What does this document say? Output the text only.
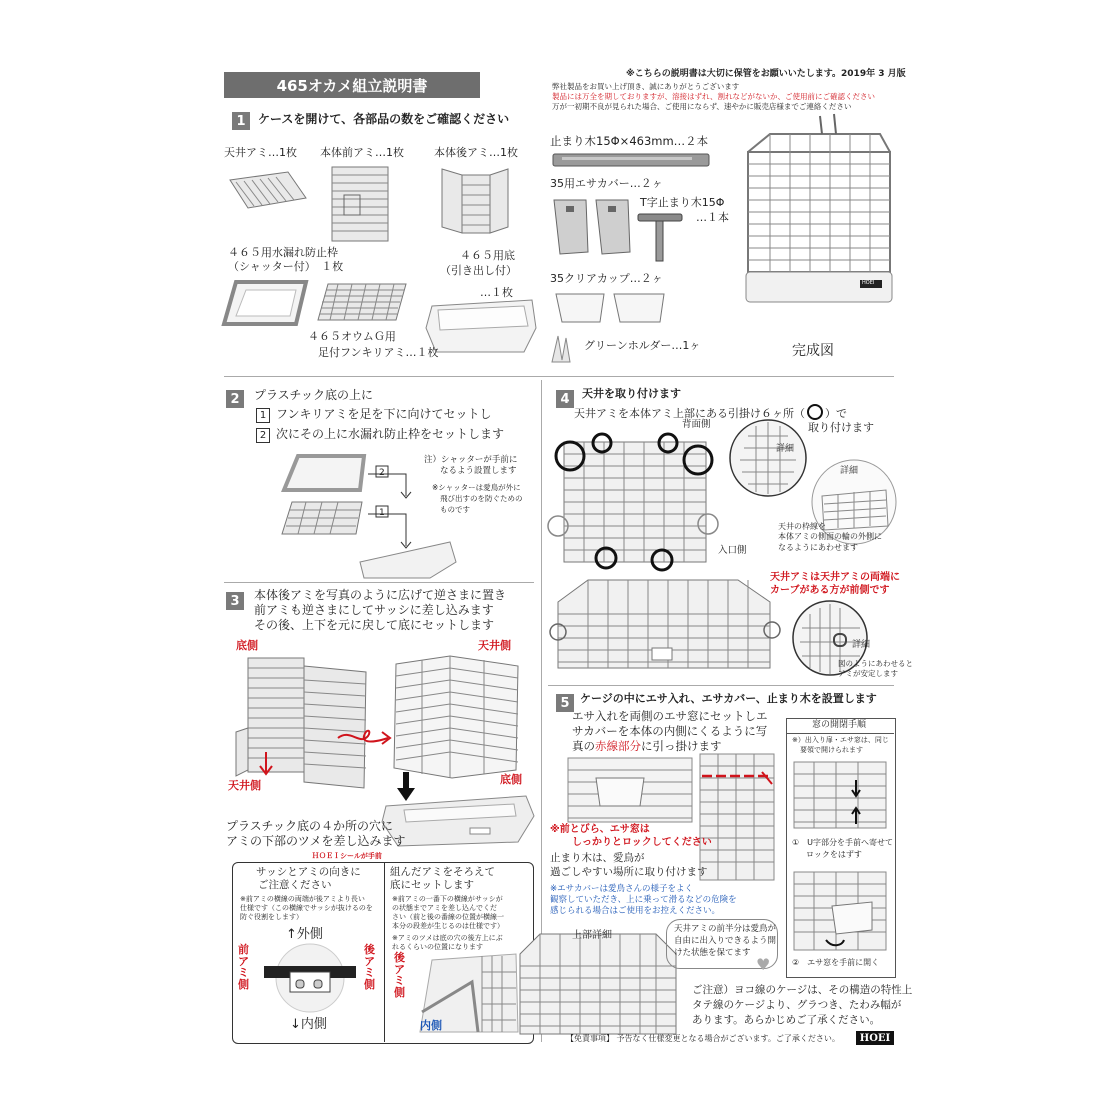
465オカメ組立説明書
※こちらの説明書は大切に保管をお願いいたします。2019年 3 月版
弊社製品をお買い上げ頂き、誠にありがとうございます
製品には万全を期しておりますが、溶接はずれ、割れなどがないか、ご使用前にご確認ください
万が一初期不良が見られた場合、ご使用にならず、速やかに販売店様までご連絡ください
1	ケースを開けて、各部品の数をご確認ください
天井アミ…1枚 本体前アミ…1枚	本体後アミ…1枚
４６５用水漏れ防止枠
（シャッター付）　１枚
４６５用底
（引き出し付）
…１枚
４６５オウムＧ用
足付フンキリアミ…１枚
止まり木15Φ×463mm…２本
35用エサカバー…２ヶ
T字止まり木15Φ
…１本
35クリアカップ…２ヶ
グリーンホルダー…1ヶ
HOEI
完成図
2	プラスチック底の上に
1 フンキリアミを足を下に向けてセットし
2 次にその上に水漏れ防止枠をセットします
2
1
注）シャッターが手前に
なるよう設置します
※シャッターは愛鳥が外に
飛び出すのを防ぐための
ものです
3	本体後アミを写真のように広げて逆さまに置き
前アミも逆さまにしてサッシに差し込みます
その後、上下を元に戻して底にセットします
底側	天井側
天井側	底側
プラスチック底の４か所の穴に
アミの下部のツメを差し込みます
ＨＯＥＩシールが手前
サッシとアミの向きに
ご注意ください
※前アミの横線の両端が後アミより長い
仕様です（この横線でサッシが抜けるのを
防ぐ役割をします）
↑外側
前アミ側
後アミ側
↓内側
組んだアミをそろえて
底にセットします
※前アミの一番下の横線がサッシが
の状態までアミを差し込んでくだ
さい（前と後の番線の位置が横線一
本分の段差が生じるのは仕様です）
※アミのツメは底の穴の後方上にぶ
れるくらいの位置になります
後アミ側
内側
4	天井を取り付けます
天井アミを本体アミ上部にある引掛け６ヶ所（ ）で
取り付けます
背面側
入口側
詳細
詳細
天井の枠線を
本体アミの側面の輪の外側に
なるようにあわせます
天井アミは天井アミの両端に
カーブがある方が前側です
詳細
図のようにあわせると
アミが安定します
5 ケージの中にエサ入れ、エサカバー、止まり木を設置します
エサ入れを両側のエサ窓にセットしエ
サカバーを本体の内側にくるように写
真の赤線部分に引っ掛けます
※前とびら、エサ窓は
しっかりとロックしてください
止まり木は、愛鳥が
過ごしやすい場所に取り付けます
※エサカバーは愛鳥さんの様子をよく
観察していただき、上に乗って滑るなどの危険を
感じられる場合はご使用をお控えください。
上部詳細
天井アミの前半分は愛鳥が
自由に出入りできるよう開
けた状態を保てます
♥
窓の開閉手順
※）出入り扉・エサ窓は、同じ
要領で開けられます
①　U字部分を手前へ寄せて
ロックをはずす
②　エサ窓を手前に開く
ご注意）ヨコ線のケージは、その構造の特性上
タテ線のケージより、グラつき、たわみ幅が
あります。あらかじめご了承ください。
【免責事項】 予告なく仕様変更となる場合がございます。ご了承ください。	HOEI
